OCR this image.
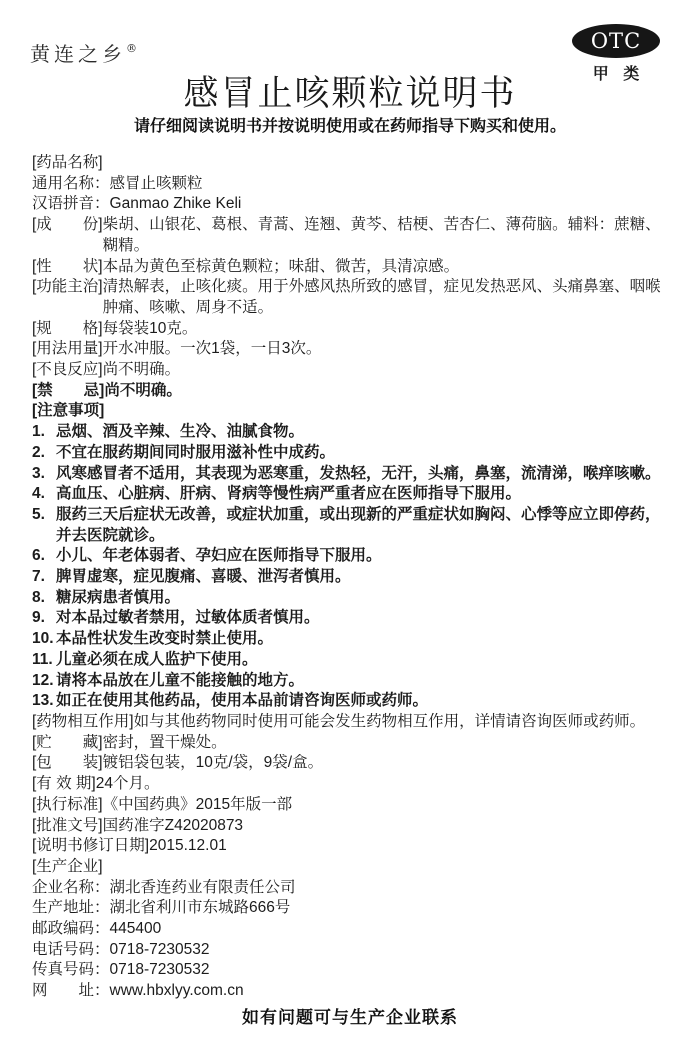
黄连之乡®	OTC
甲 类
感冒止咳颗粒说明书

请仔细阅读说明书并按说明使用或在药师指导下购买和使用。

[药品名称]
通用名称： 感冒止咳颗粒
汉语拼音： Ganmao Zhike Keli
[成　　份] 柴胡、山银花、葛根、青蒿、连翘、黄芩、桔梗、苦杏仁、薄荷脑。辅料：蔗糖、糊精。
[性　　状] 本品为黄色至棕黄色颗粒；味甜、微苦，具清凉感。
[功能主治] 清热解表，止咳化痰。用于外感风热所致的感冒，症见发热恶风、头痛鼻塞、咽喉肿痛、咳嗽、周身不适。
[规　　格] 每袋装10克。
[用法用量] 开水冲服。一次1袋，一日3次。
[不良反应] 尚不明确。
[禁　　忌] 尚不明确。
[注意事项]
1. 忌烟、酒及辛辣、生冷、油腻食物。
2. 不宜在服药期间同时服用滋补性中成药。
3. 风寒感冒者不适用，其表现为恶寒重，发热轻，无汗，头痛，鼻塞，流清涕，喉痒咳嗽。
4. 高血压、心脏病、肝病、肾病等慢性病严重者应在医师指导下服用。
5. 服药三天后症状无改善，或症状加重，或出现新的严重症状如胸闷、心悸等应立即停药，并去医院就诊。
6. 小儿、年老体弱者、孕妇应在医师指导下服用。
7. 脾胃虚寒，症见腹痛、喜暖、泄泻者慎用。
8. 糖尿病患者慎用。
9. 对本品过敏者禁用，过敏体质者慎用。
10. 本品性状发生改变时禁止使用。
11. 儿童必须在成人监护下使用。
12. 请将本品放在儿童不能接触的地方。
13. 如正在使用其他药品，使用本品前请咨询医师或药师。
[药物相互作用] 如与其他药物同时使用可能会发生药物相互作用，详情请咨询医师或药师。
[贮　　藏] 密封，置干燥处。
[包　　装] 镀铝袋包装，10克/袋，9袋/盒。
[有 效 期] 24个月。
[执行标准] 《中国药典》2015年版一部
[批准文号] 国药准字Z42020873
[说明书修订日期] 2015.12.01
[生产企业]
企业名称： 湖北香连药业有限责任公司
生产地址： 湖北省利川市东城路666号
邮政编码： 445400
电话号码： 0718-7230532
传真号码： 0718-7230532
网　　址： www.hbxlyy.com.cn
如有问题可与生产企业联系
